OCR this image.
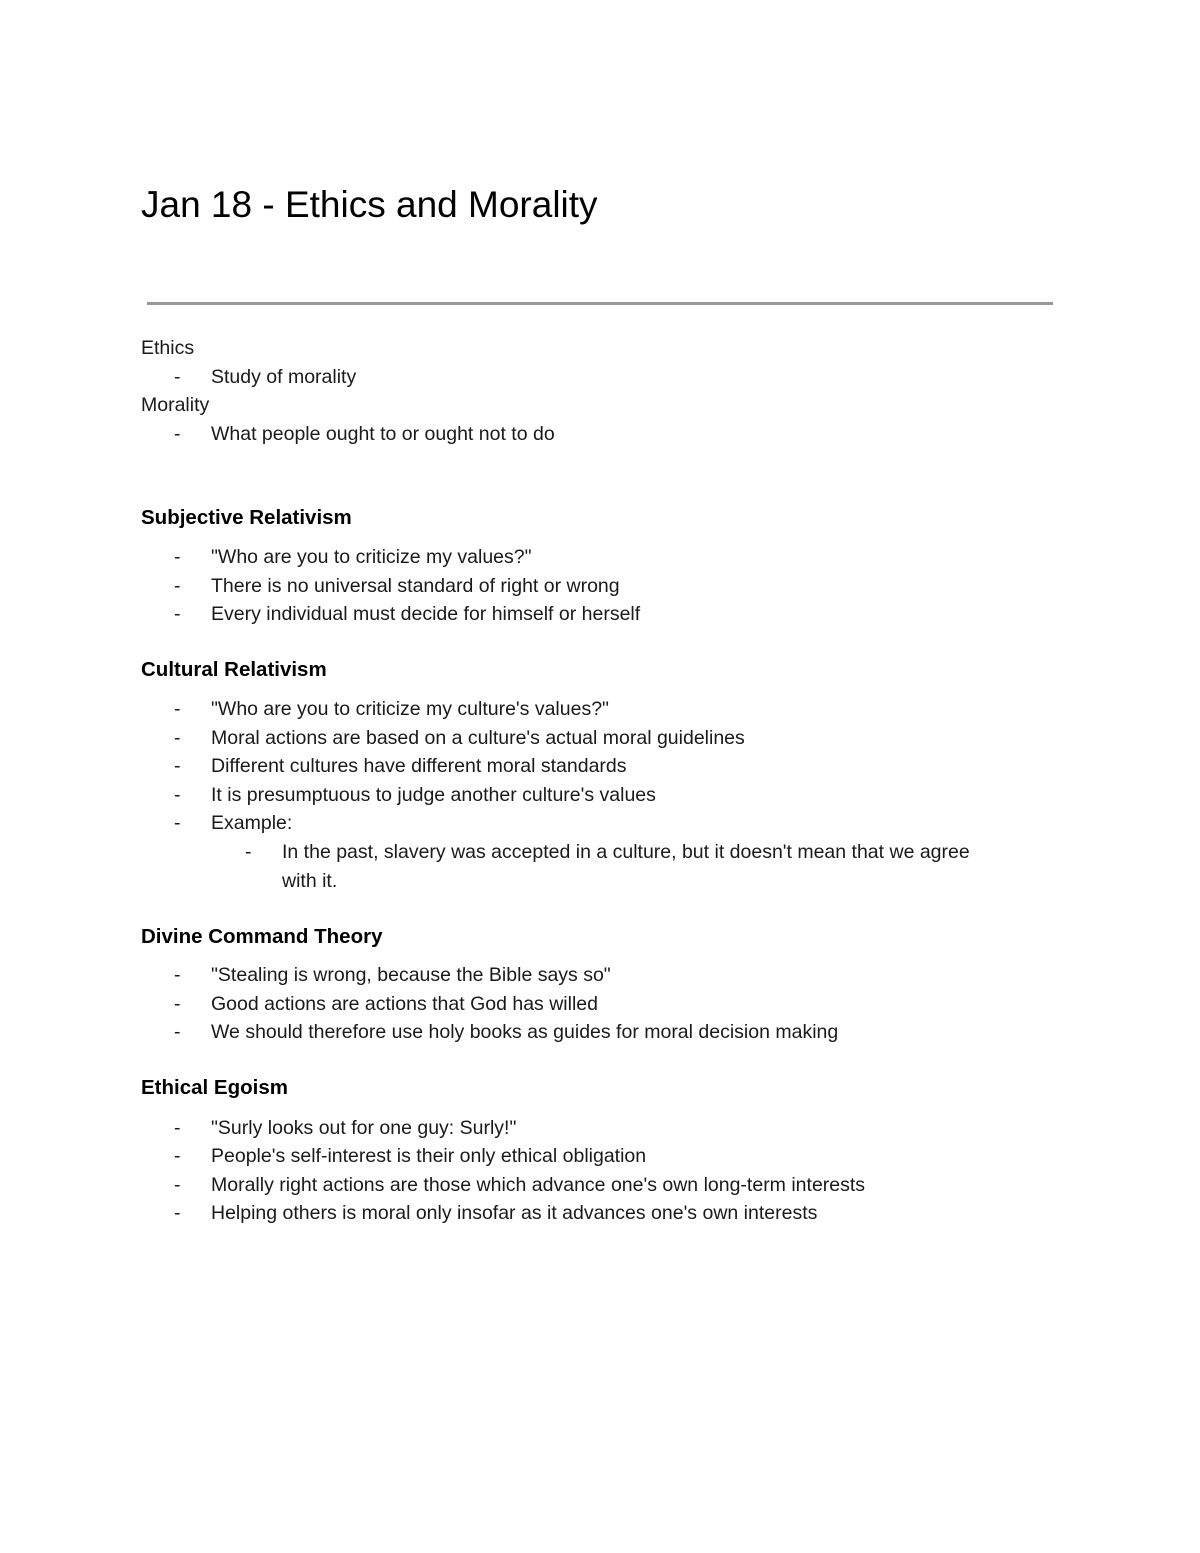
Jan 18 - Ethics and Morality
Ethics
- Study of morality
Morality
- What people ought to or ought not to do
Subjective Relativism
- "Who are you to criticize my values?"
- There is no universal standard of right or wrong
- Every individual must decide for himself or herself
Cultural Relativism
- "Who are you to criticize my culture's values?"
- Moral actions are based on a culture's actual moral guidelines
- Different cultures have different moral standards
- It is presumptuous to judge another culture's values
- Example:
- In the past, slavery was accepted in a culture, but it doesn't mean that we agree
with it.
Divine Command Theory
- "Stealing is wrong, because the Bible says so"
- Good actions are actions that God has willed
- We should therefore use holy books as guides for moral decision making
Ethical Egoism
- "Surly looks out for one guy: Surly!"
- People's self-interest is their only ethical obligation
- Morally right actions are those which advance one's own long-term interests
- Helping others is moral only insofar as it advances one's own interests
